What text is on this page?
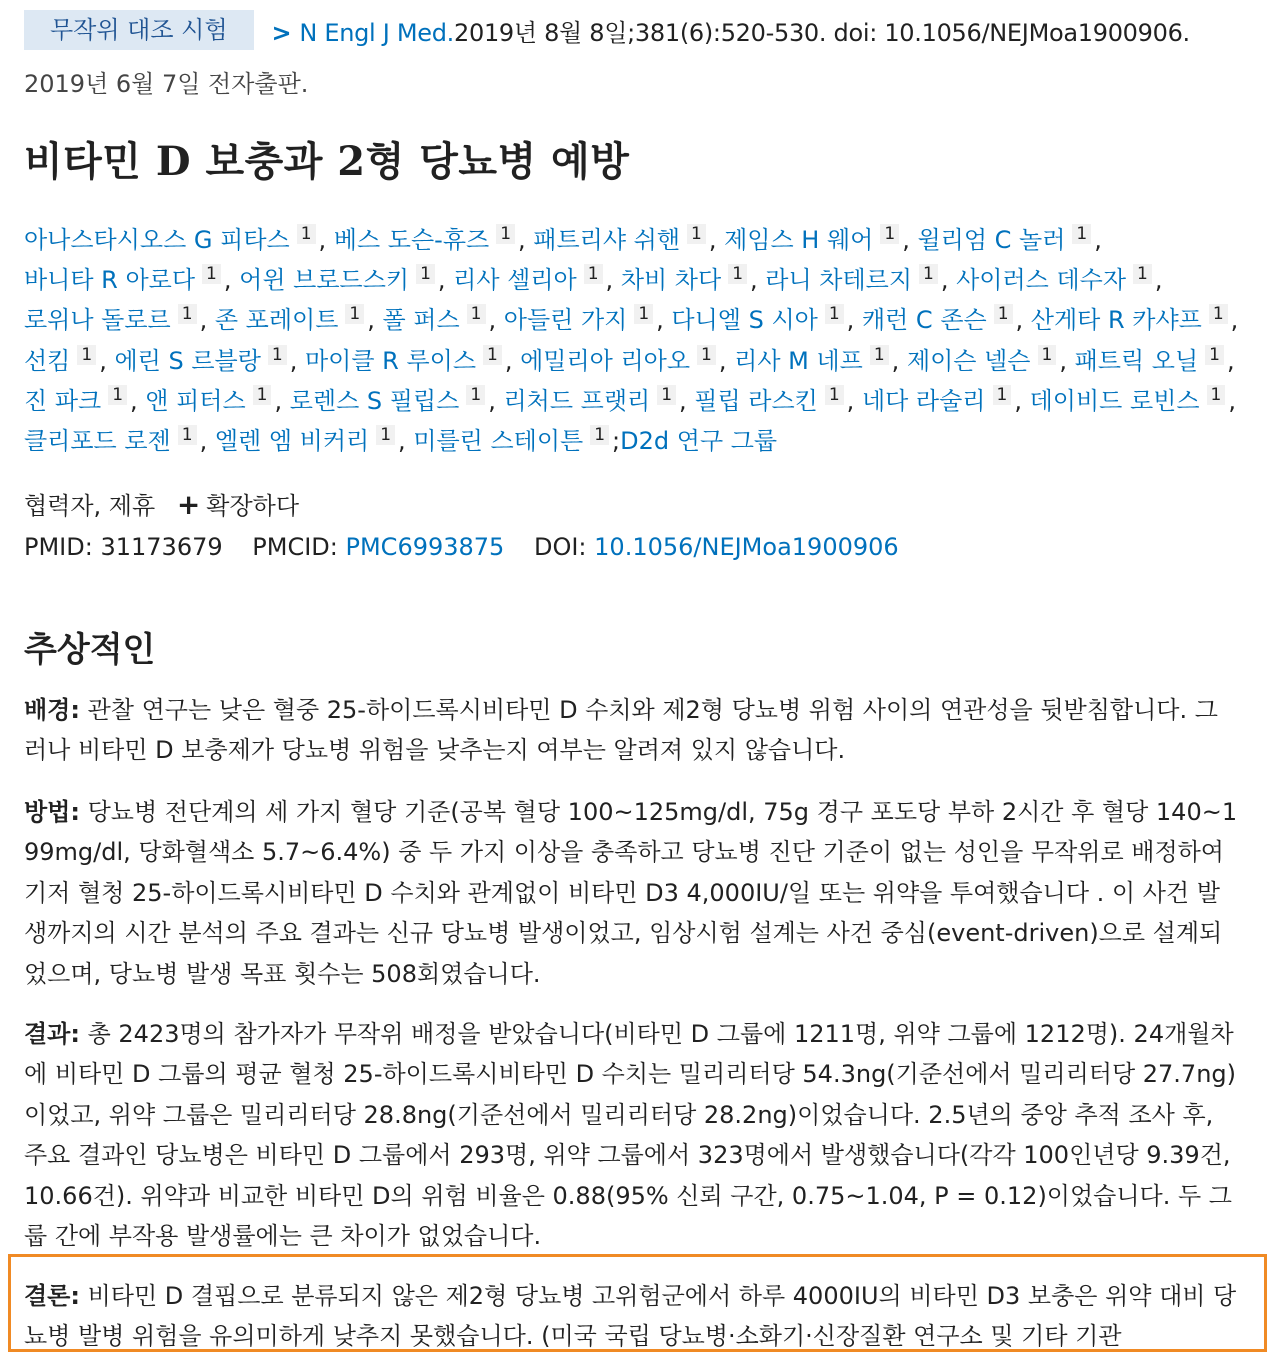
무작위 대조 시험	> N Engl J Med.2019년 8월 8일;381(6):520-530. doi: 10.1056/NEJMoa1900906.
2019년 6월 7일 전자출판.
비타민 D 보충과 2형 당뇨병 예방
아나스타시오스 G 피타스 $^1$ , 베스 도슨-휴즈 $^1$ , 패트리샤 쉬핸 $^1$ , 제임스 H 웨어 $^1$ , 윌리엄 C 놀러 $^1$ , 바니타 R 아로다 $^1$ , 어윈 브로드스키 $^1$ , 리사 셀리아 $^1$ , 차비 차다 $^1$ , 라니 차테르지 $^1$ , 사이러스 데수자 $^1$ , 로위나 돌로르 $^1$ , 존 포레이트 $^1$ , 폴 퍼스 $^1$ , 아들린 가지 $^1$ , 다니엘 S 시아 $^1$ , 캐런 C 존슨 $^1$ , 산게타 R 카샤프 $^1$ , 선킴 $^1$ , 에린 S 르블랑 $^1$ , 마이클 R 루이스 $^1$ , 에밀리아 리아오 $^1$ , 리사 M 네프 $^1$ , 제이슨 넬슨 $^1$ , 패트릭 오닐 $^1$ , 진 파크 $^1$ , 앤 피터스 $^1$ , 로렌스 S 필립스 $^1$ , 리처드 프랫리 $^1$ , 필립 라스킨 $^1$ , 네다 라술리 $^1$ , 데이비드 로빈스 $^1$ , 클리포드 로젠 $^1$ , 엘렌 엠 비커리 $^1$ , 미를린 스테이튼 $^1$ ;D2d 연구 그룹
협력자, 제휴 + 확장하다
PMID: 31173679 PMCID: PMC6993875 DOI: 10.1056/NEJMoa1900906
추상적인

배경: 관찰 연구는 낮은 혈중 25-하이드록시비타민 D 수치와 제2형 당뇨병 위험 사이의 연관성을 뒷받침합니다. 그러나 비타민 D 보충제가 당뇨병 위험을 낮추는지 여부는 알려져 있지 않습니다.

방법: 당뇨병 전단계의 세 가지 혈당 기준(공복 혈당 100~125mg/dl, 75g 경구 포도당 부하 2시간 후 혈당 140~199mg/dl, 당화혈색소 5.7~6.4%) 중 두 가지 이상을 충족하고 당뇨병 진단 기준이 없는 성인을 무작위로 배정하여 기저 혈청 25-하이드록시비타민 D 수치와 관계없이 비타민 D3 4,000IU/일 또는 위약을 투여했습니다 . 이 사건 발생까지의 시간 분석의 주요 결과는 신규 당뇨병 발생이었고, 임상시험 설계는 사건 중심(event-driven)으로 설계되었으며, 당뇨병 발생 목표 횟수는 508회였습니다.

결과: 총 2423명의 참가자가 무작위 배정을 받았습니다(비타민 D 그룹에 1211명, 위약 그룹에 1212명). 24개월차에 비타민 D 그룹의 평균 혈청 25-하이드록시비타민 D 수치는 밀리리터당 54.3ng(기준선에서 밀리리터당 27.7ng)이었고, 위약 그룹은 밀리리터당 28.8ng(기준선에서 밀리리터당 28.2ng)이었습니다. 2.5년의 중앙 추적 조사 후, 주요 결과인 당뇨병은 비타민 D 그룹에서 293명, 위약 그룹에서 323명에서 발생했습니다(각각 100인년당 9.39건, 10.66건). 위약과 비교한 비타민 D의 위험 비율은 0.88(95% 신뢰 구간, 0.75~1.04, P = 0.12)이었습니다. 두 그룹 간에 부작용 발생률에는 큰 차이가 없었습니다.

결론: 비타민 D 결핍으로 분류되지 않은 제2형 당뇨병 고위험군에서 하루 4000IU의 비타민 D3 보충은 위약 대비 당뇨병 발병 위험을 유의미하게 낮추지 못했습니다. (미국 국립 당뇨병·소화기·신장질환 연구소 및 기타 기관
